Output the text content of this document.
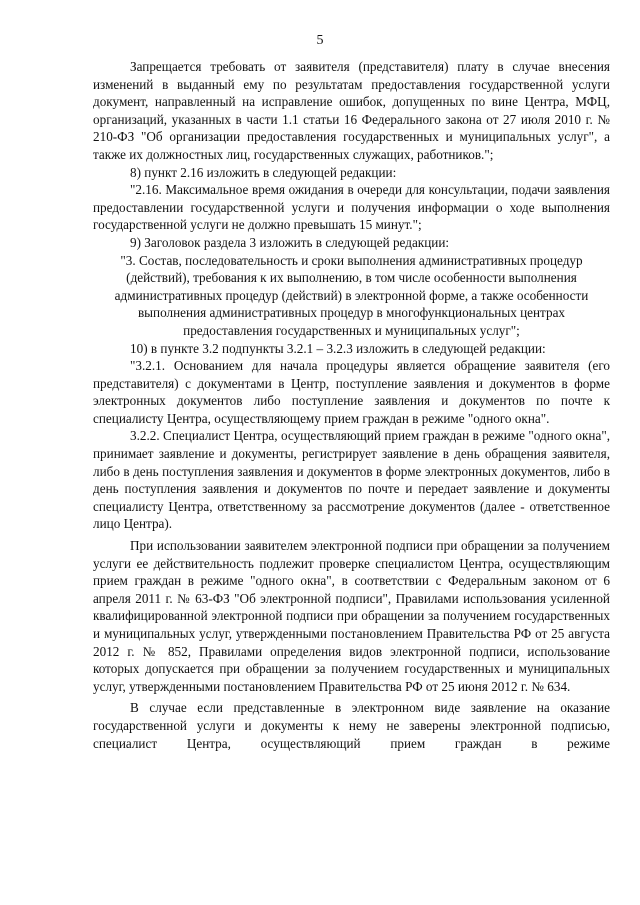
5

Запрещается требовать от заявителя (представителя) плату в случае внесения изменений в выданный ему по результатам предоставления государственной услуги документ, направленный на исправление ошибок, допущенных по вине Центра, МФЦ, организаций, указанных в части 1.1 статьи 16 Федерального закона от 27 июля 2010 г. № 210-ФЗ "Об организации предоставления государственных и муниципальных услуг", а также их должностных лиц, государственных служащих, работников.";

8) пункт 2.16 изложить в следующей редакции:

"2.16. Максимальное время ожидания в очереди для консультации, подачи заявления предоставлении государственной услуги и получения информации о ходе выполнения государственной услуги не должно превышать 15 минут.";

9) Заголовок раздела 3 изложить в следующей редакции:

"3. Состав, последовательность и сроки выполнения административных процедур (действий), требования к их выполнению, в том числе особенности выполнения административных процедур (действий) в электронной форме, а также особенности выполнения административных процедур в многофункциональных центрах предоставления государственных и муниципальных услуг";

10) в пункте 3.2 подпункты 3.2.1 – 3.2.3 изложить в следующей редакции:

"3.2.1. Основанием для начала процедуры является обращение заявителя (его представителя) с документами в Центр, поступление заявления и документов в форме электронных документов либо поступление заявления и документов по почте к специалисту Центра, осуществляющему прием граждан в режиме "одного окна".

3.2.2. Специалист Центра, осуществляющий прием граждан в режиме "одного окна", принимает заявление и документы, регистрирует заявление в день обращения заявителя, либо в день поступления заявления и документов в форме электронных документов, либо в день поступления заявления и документов по почте и передает заявление и документы специалисту Центра, ответственному за рассмотрение документов (далее - ответственное лицо Центра).

При использовании заявителем электронной подписи при обращении за получением услуги ее действительность подлежит проверке специалистом Центра, осуществляющим прием граждан в режиме "одного окна", в соответствии с Федеральным законом от 6 апреля 2011 г. № 63-ФЗ "Об электронной подписи", Правилами использования усиленной квалифицированной электронной подписи при обращении за получением государственных и муниципальных услуг, утвержденными постановлением Правительства РФ от 25 августа 2012 г. № 852, Правилами определения видов электронной подписи, использование которых допускается при обращении за получением государственных и муниципальных услуг, утвержденными постановлением Правительства РФ от 25 июня 2012 г. № 634.

В случае если представленные в электронном виде заявление на оказание государственной услуги и документы к нему не заверены электронной подписью, специалист Центра, осуществляющий прием граждан в режиме
